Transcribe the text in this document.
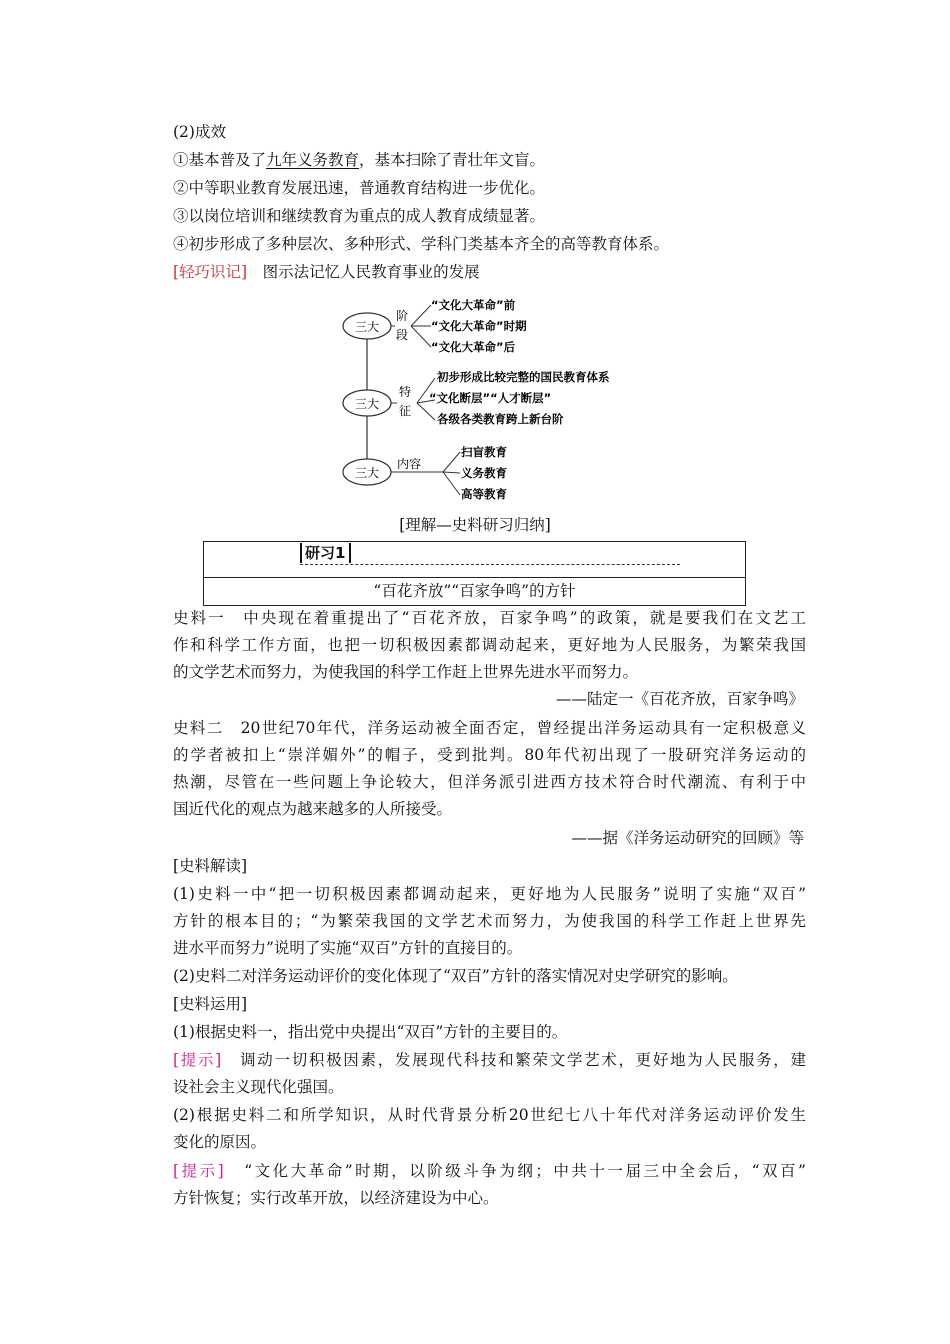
(2)成效
①基本普及了九年义务教育，基本扫除了青壮年文盲。
②中等职业教育发展迅速，普通教育结构进一步优化。
③以岗位培训和继续教育为重点的成人教育成绩显著。
④初步形成了多种层次、多种形式、学科门类基本齐全的高等教育体系。
[轻巧识记]　 图示法记忆人民教育事业的发展
三大
阶
段
“文化大革命”前
“文化大革命”时期
“文化大革命”后
三大
特
征
初步形成比较完整的国民教育体系
“文化断层”“人才断层”
各级各类教育跨上新台阶
三大
内容
扫盲教育
义务教育
高等教育
[理解—史料研习归纳]
研习1
“百花齐放”“百家争鸣”的方针
史料一　中央现在着重提出了“百花齐放，百家争鸣”的政策，就是要我们在文艺工
作和科学工作方面，也把一切积极因素都调动起来，更好地为人民服务，为繁荣我国
的文学艺术而努力，为使我国的科学工作赶上世界先进水平而努力。
——陆定一《百花齐放，百家争鸣》
史料二　20世纪70年代，洋务运动被全面否定，曾经提出洋务运动具有一定积极意义
的学者被扣上“崇洋媚外”的帽子，受到批判。80年代初出现了一股研究洋务运动的
热潮，尽管在一些问题上争论较大，但洋务派引进西方技术符合时代潮流、有利于中
国近代化的观点为越来越多的人所接受。
——据《洋务运动研究的回顾》等
[史料解读]
(1)史料一中“把一切积极因素都调动起来，更好地为人民服务”说明了实施“双百”
方针的根本目的；“为繁荣我国的文学艺术而努力，为使我国的科学工作赶上世界先
进水平而努力”说明了实施“双百”方针的直接目的。
(2)史料二对洋务运动评价的变化体现了“双百”方针的落实情况对史学研究的影响。
[史料运用]
(1)根据史料一，指出党中央提出“双百”方针的主要目的。
[提示]　 调动一切积极因素，发展现代科技和繁荣文学艺术，更好地为人民服务，建
设社会主义现代化强国。
(2)根据史料二和所学知识，从时代背景分析20世纪七八十年代对洋务运动评价发生
变化的原因。
[提示]　 “文化大革命”时期，以阶级斗争为纲；中共十一届三中全会后，“双百”
方针恢复；实行改革开放，以经济建设为中心。
